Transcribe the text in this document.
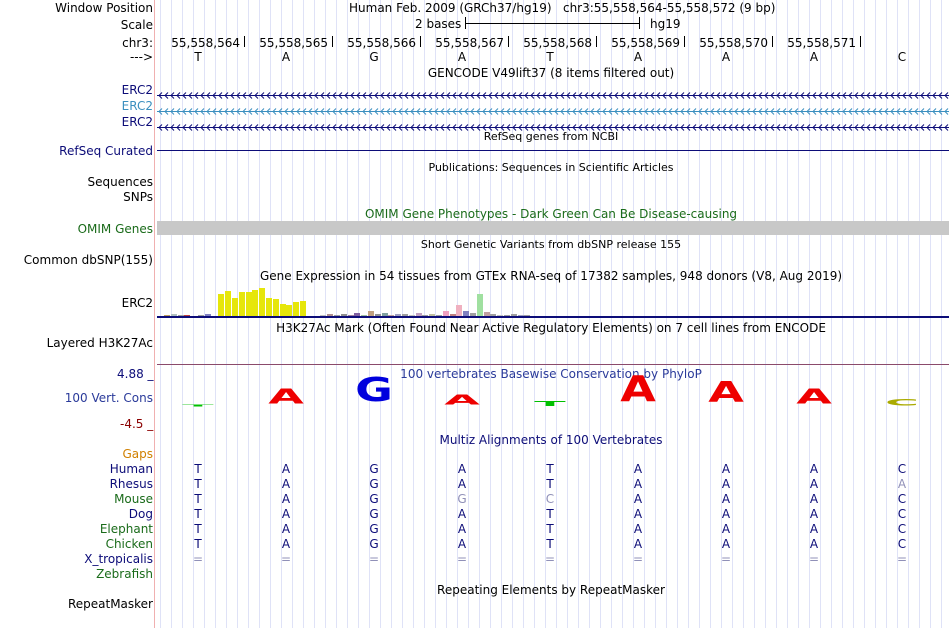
Window Position
Scale
chr3:
--->
Human Feb. 2009 (GRCh37/hg19) chr3:55,558,564-55,558,572 (9 bp)
2 bases	hg19
55,558,564 55,558,565 55,558,566 55,558,567 55,558,568 55,558,569 55,558,570 55,558,571
T	A	G	A	T	A	A	A	C
GENCODE V49lift37 (8 items filtered out)
ERC2
ERC2
ERC2
RefSeq genes from NCBI
RefSeq Curated
Publications: Sequences in Scientific Articles
Sequences
SNPs
OMIM Gene Phenotypes - Dark Green Can Be Disease-causing
OMIM Genes
Short Genetic Variants from dbSNP release 155
Common dbSNP(155)
Gene Expression in 54 tissues from GTEx RNA-seq of 17382 samples, 948 donors (V8, Aug 2019)
ERC2
H3K27Ac Mark (Often Found Near Active Regulatory Elements) on 7 cell lines from ENCODE
Layered H3K27Ac
100 vertebrates Basewise Conservation by PhyloP
4.88 _
100 Vert. Cons
-4.5 _
T A G A T A A A C
Multiz Alignments of 100 Vertebrates
Gaps
Human	T	A	G	A	T	A	A	A	C
Rhesus	T	A	G	A	T	A	A	A	A
Mouse	T	A	G	G	C	A	A	A	C
Dog	T	A	G	A	T	A	A	A	C
Elephant	T	A	G	A	T	A	A	A	C
Chicken	T	A	G	A	T	A	A	A	C
X_tropicalis	=	=	=	=	=	=	=	=	=
Zebrafish
Repeating Elements by RepeatMasker
RepeatMasker
